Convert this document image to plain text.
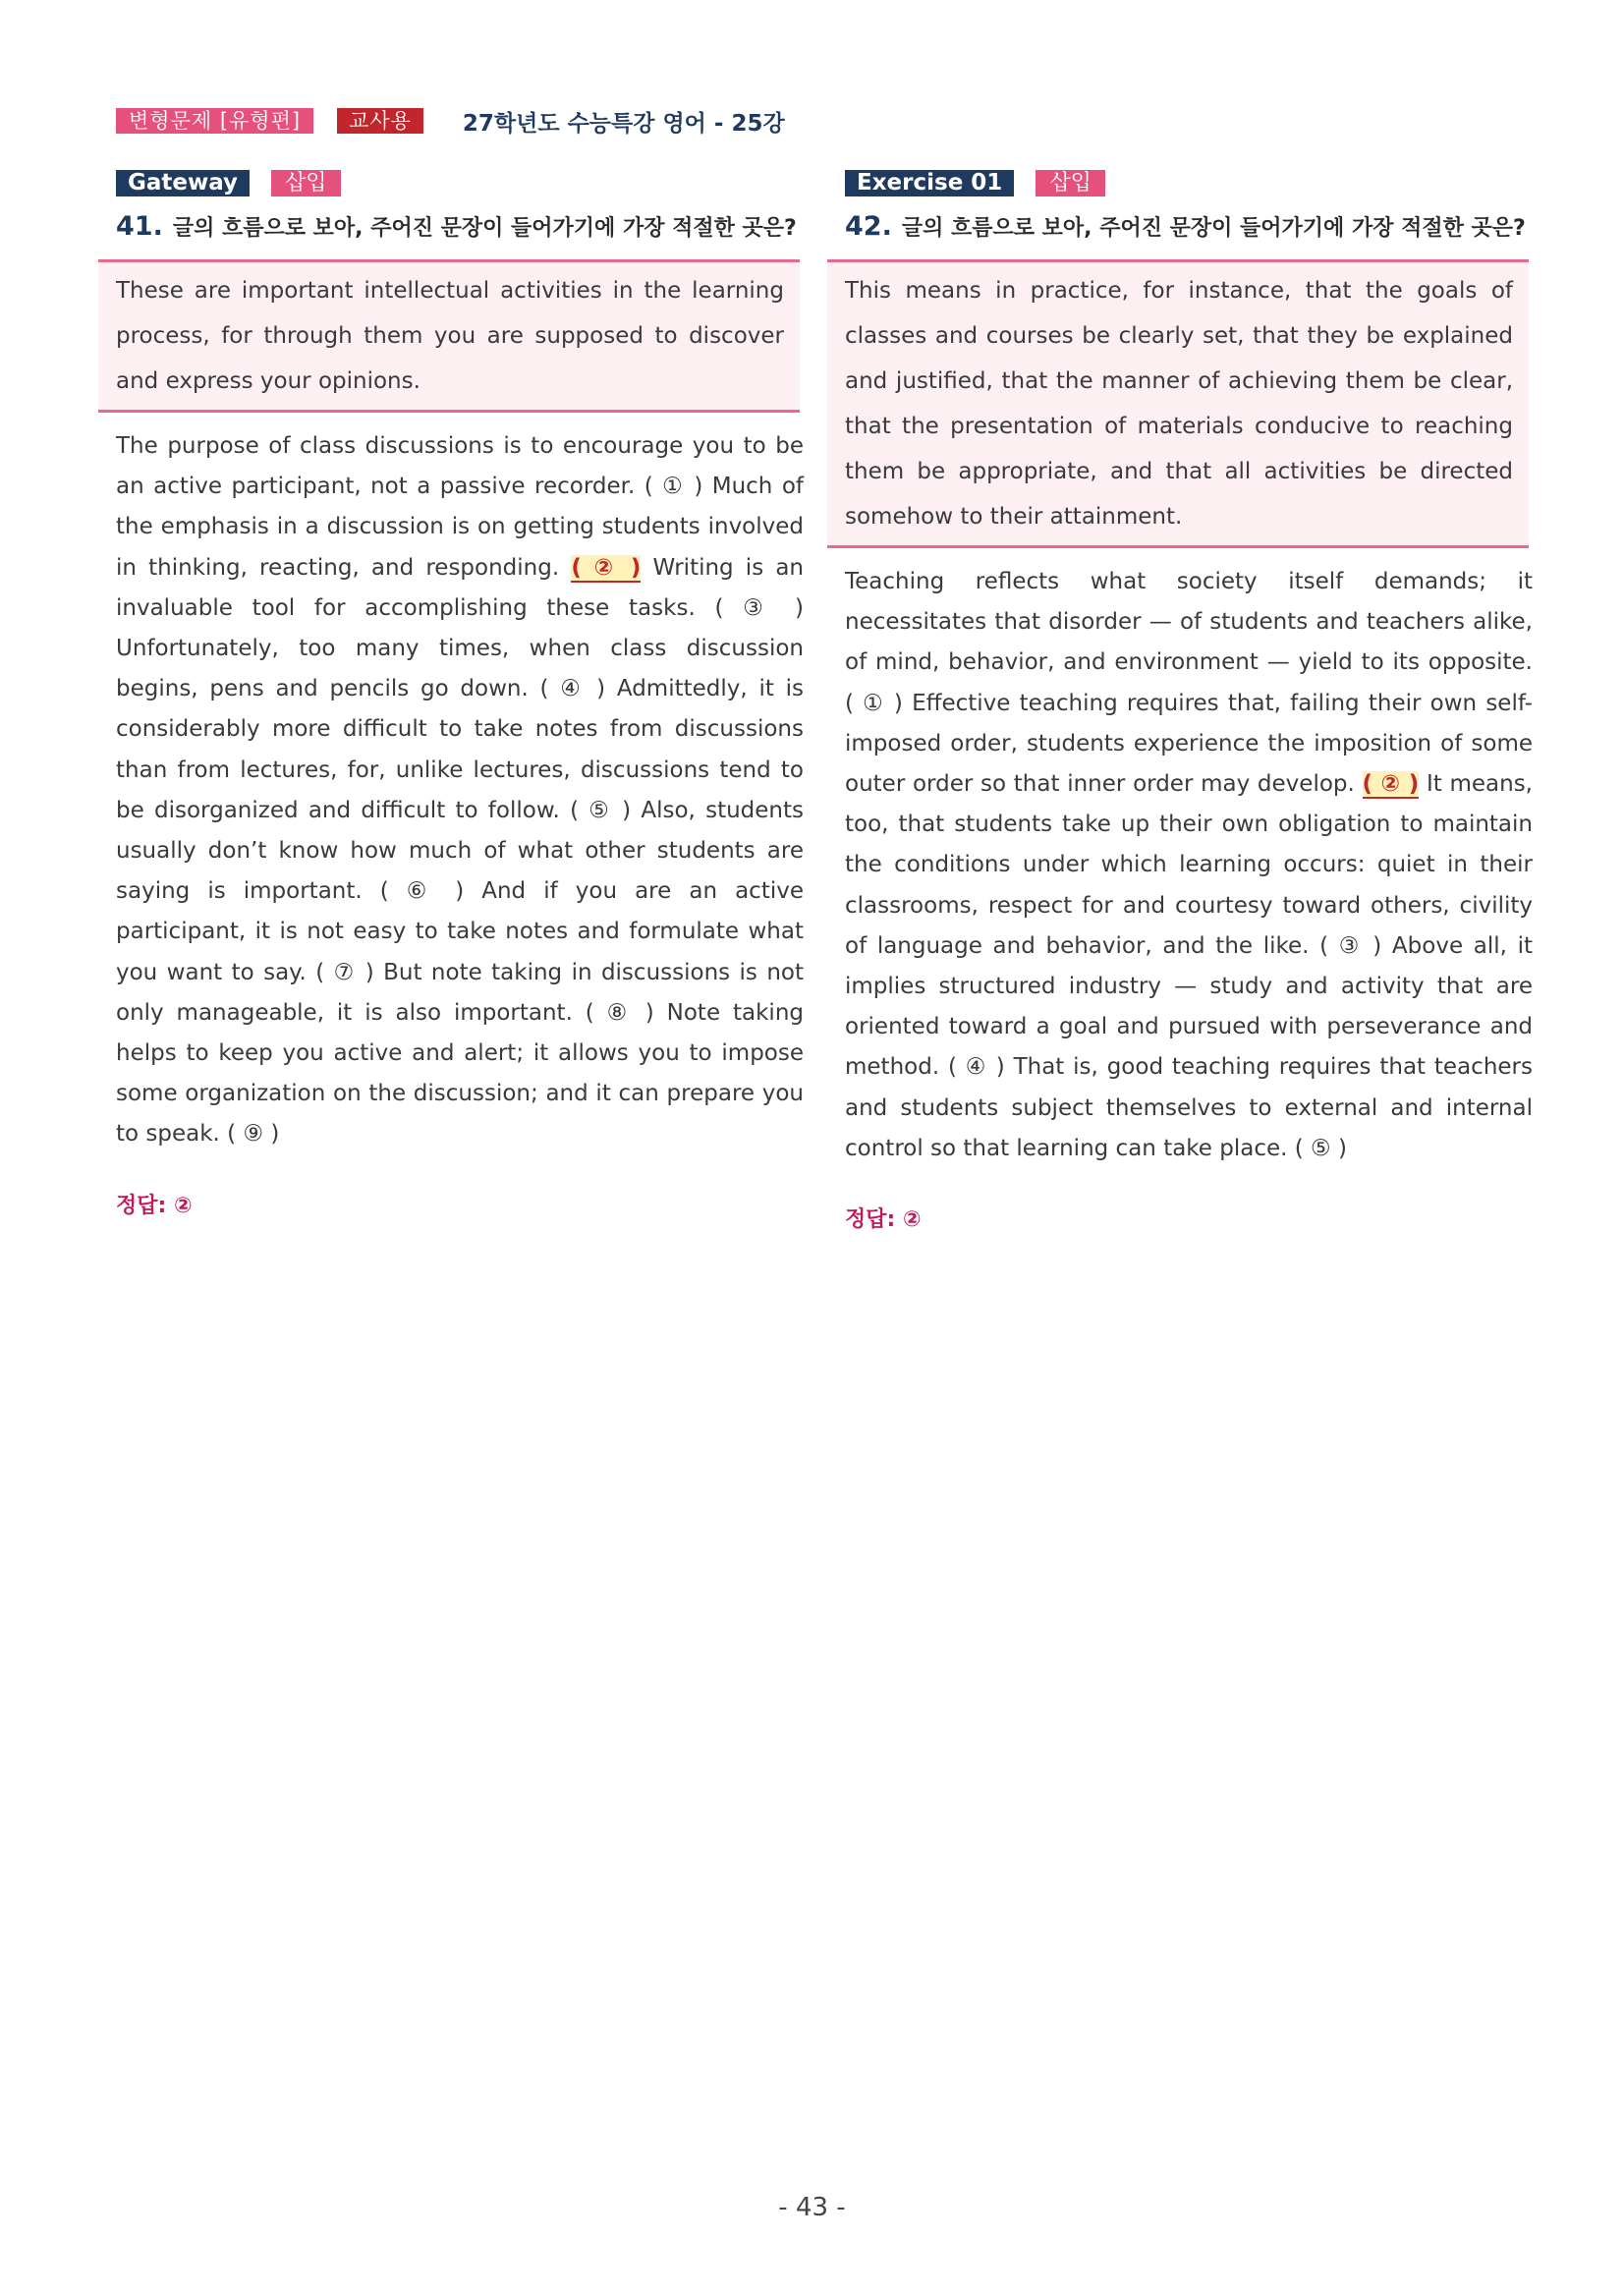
변형문제 [유형편]	교사용	27학년도 수능특강 영어 - 25강
Gateway	삽입
41. 글의 흐름으로 보아, 주어진 문장이 들어가기에 가장 적절한 곳은?

These are important intellectual activities in the learning process, for through them you are supposed to discover and express your opinions.

The purpose of class discussions is to encourage you to be an active participant, not a passive recorder. ( ① ) Much of the emphasis in a discussion is on getting students involved in thinking, reacting, and responding. ( ② ) Writing is an invaluable tool for accomplishing these tasks. ( ③ ) Unfortunately, too many times, when class discussion begins, pens and pencils go down. ( ④ ) Admittedly, it is considerably more difficult to take notes from discussions than from lectures, for, unlike lectures, discussions tend to be disorganized and difficult to follow. ( ⑤ ) Also, students usually don’t know how much of what other students are saying is important. ( ⑥ ) And if you are an active participant, it is not easy to take notes and formulate what you want to say. ( ⑦ ) But note taking in discussions is not only manageable, it is also important. ( ⑧ ) Note taking helps to keep you active and alert; it allows you to impose some organization on the discussion; and it can prepare you to speak. ( ⑨ )

정답: ②
Exercise 01	삽입
42. 글의 흐름으로 보아, 주어진 문장이 들어가기에 가장 적절한 곳은?

This means in practice, for instance, that the goals of classes and courses be clearly set, that they be explained and justified, that the manner of achieving them be clear, that the presentation of materials conducive to reaching them be appropriate, and that all activities be directed somehow to their attainment.

Teaching reflects what society itself demands; it necessitates that disorder — of students and teachers alike, of mind, behavior, and environment — yield to its opposite. ( ① ) Effective teaching requires that, failing their own self-imposed order, students experience the imposition of some outer order so that inner order may develop. ( ② ) It means, too, that students take up their own obligation to maintain the conditions under which learning occurs: quiet in their classrooms, respect for and courtesy toward others, civility of language and behavior, and the like. ( ③ ) Above all, it implies structured industry — study and activity that are oriented toward a goal and pursued with perseverance and method. ( ④ ) That is, good teaching requires that teachers and students subject themselves to external and internal control so that learning can take place. ( ⑤ )

정답: ②
- 43 -
